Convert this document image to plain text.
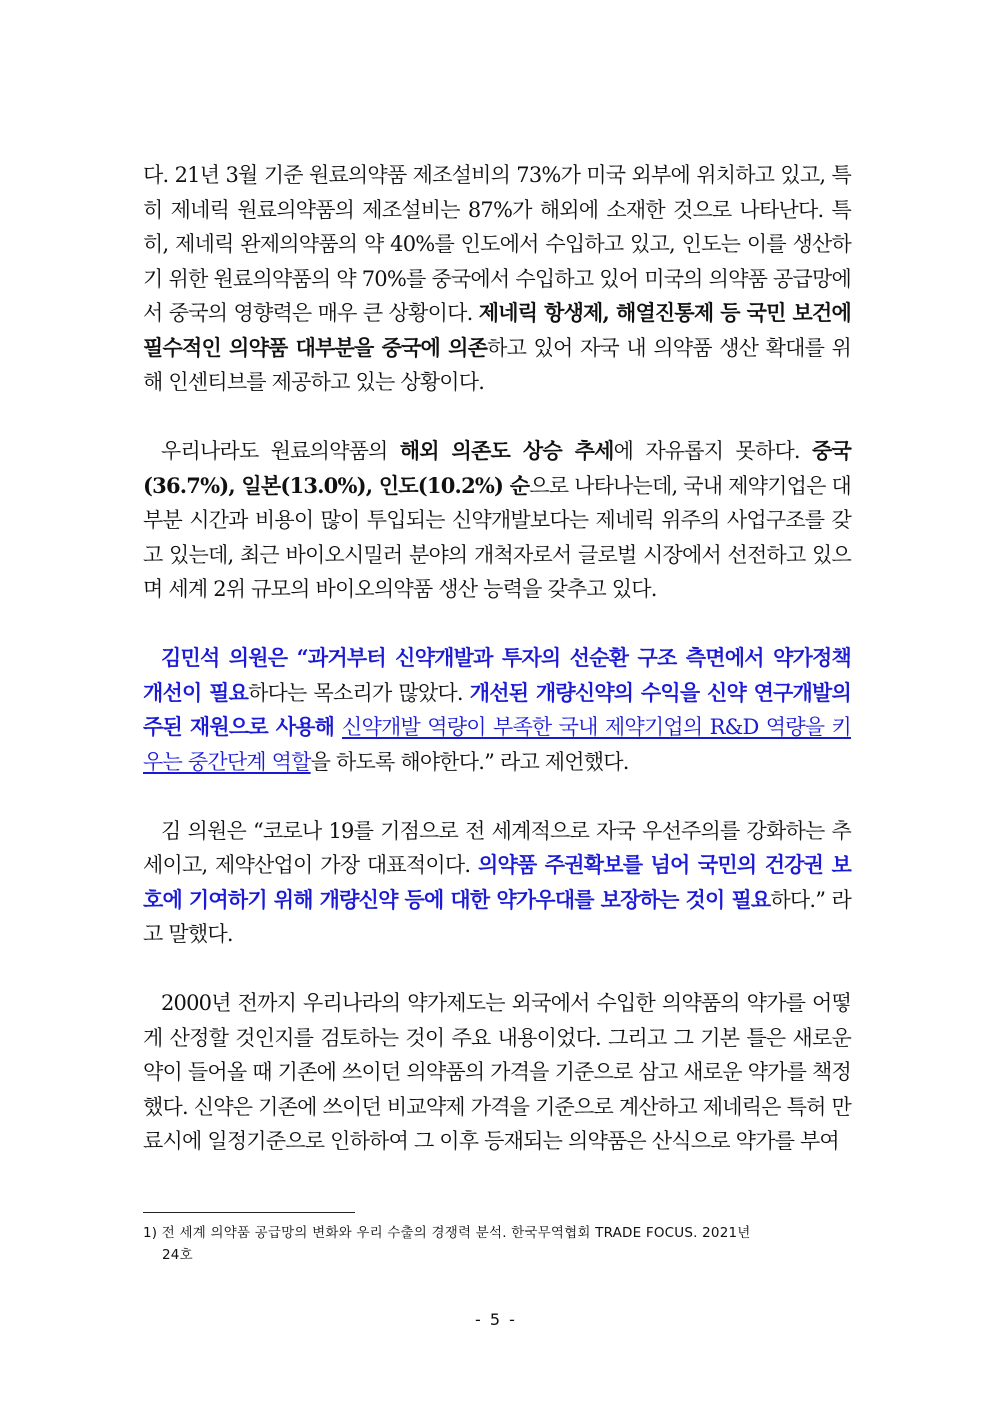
다. 21년 3월 기준 원료의약품 제조설비의 73%가 미국 외부에 위치하고 있고, 특히 제네릭 원료의약품의 제조설비는 87%가 해외에 소재한 것으로 나타난다. 특히, 제네릭 완제의약품의 약 40%를 인도에서 수입하고 있고, 인도는 이를 생산하기 위한 원료의약품의 약 70%를 중국에서 수입하고 있어 미국의 의약품 공급망에서 중국의 영향력은 매우 큰 상황이다. 제네릭 항생제, 해열진통제 등 국민 보건에 필수적인 의약품 대부분을 중국에 의존하고 있어 자국 내 의약품 생산 확대를 위해 인센티브를 제공하고 있는 상황이다.

우리나라도 원료의약품의 해외 의존도 상승 추세에 자유롭지 못하다. 중국(36.7%), 일본(13.0%), 인도(10.2%) 순으로 나타나는데, 국내 제약기업은 대부분 시간과 비용이 많이 투입되는 신약개발보다는 제네릭 위주의 사업구조를 갖고 있는데, 최근 바이오시밀러 분야의 개척자로서 글로벌 시장에서 선전하고 있으며 세계 2위 규모의 바이오의약품 생산 능력을 갖추고 있다.

김민석 의원은 “과거부터 신약개발과 투자의 선순환 구조 측면에서 약가정책 개선이 필요하다는 목소리가 많았다. 개선된 개량신약의 수익을 신약 연구개발의 주된 재원으로 사용해 신약개발 역량이 부족한 국내 제약기업의 R&D 역량을 키우는 중간단계 역할을 하도록 해야한다.” 라고 제언했다.

김 의원은 “코로나 19를 기점으로 전 세계적으로 자국 우선주의를 강화하는 추세이고, 제약산업이 가장 대표적이다. 의약품 주권확보를 넘어 국민의 건강권 보호에 기여하기 위해 개량신약 등에 대한 약가우대를 보장하는 것이 필요하다.” 라고 말했다.

2000년 전까지 우리나라의 약가제도는 외국에서 수입한 의약품의 약가를 어떻게 산정할 것인지를 검토하는 것이 주요 내용이었다. 그리고 그 기본 틀은 새로운 약이 들어올 때 기존에 쓰이던 의약품의 가격을 기준으로 삼고 새로운 약가를 책정했다. 신약은 기존에 쓰이던 비교약제 가격을 기준으로 계산하고 제네릭은 특허 만료시에 일정기준으로 인하하여 그 이후 등재되는 의약품은 산식으로 약가를 부여

1) 전 세계 의약품 공급망의 변화와 우리 수출의 경쟁력 분석. 한국무역협회 TRADE FOCUS. 2021년
24호
- 5 -
